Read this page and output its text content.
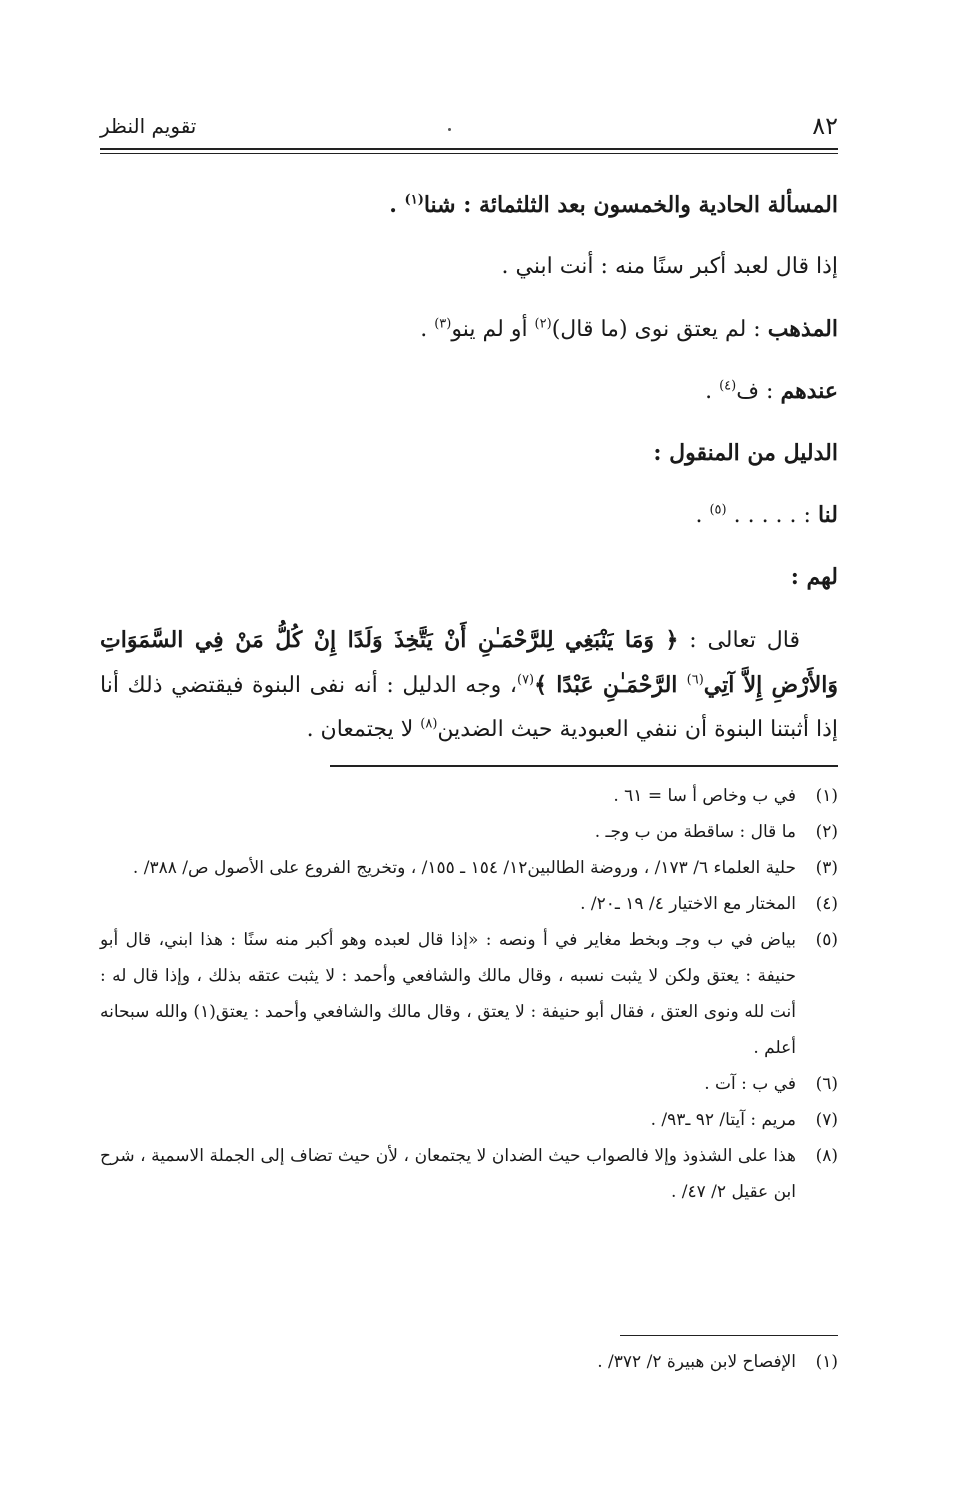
٨٢
تقويم النظر
المسألة الحادية والخمسون بعد الثلثمائة : شنا$^{(١)}$ .
إذا قال لعبد أكبر سنًا منه : أنت ابني .
المذهب : لم يعتق نوى (ما قال)$^{(٢)}$ أو لم ينو$^{(٣)}$ .
عندهم : ف$^{(٤)}$ .
الدليل من المنقول :
لنا : . . . . . $^{(٥)}$ .
لهم :
قال تعالى : ﴿ وَمَا يَنْبَغِي لِلرَّحْمَـٰنِ أَنْ يَتَّخِذَ وَلَدًا إِنْ كُلُّ مَنْ فِي السَّمَوَاتِ وَالأَرْضِ إِلاَّ آتِي$^{(٦)}$ الرَّحْمَـٰنِ عَبْدًا ﴾$^{(٧)}$، وجه الدليل : أنه نفى البنوة فيقتضي ذلك أنا إذا أثبتنا البنوة أن ننفي العبودية حيث الضدين$^{(٨)}$ لا يجتمعان .
(١)
في ب وخاص أ سا = ٦١ .
(٢)
ما قال : ساقطة من ب وجـ .
(٣)
حلية العلماء ٦/ ١٧٣/ ، وروضة الطالبين١٢/ ١٥٤ ـ ١٥٥/ ، وتخريج الفروع على الأصول ص/ ٣٨٨/ .
(٤)
المختار مع الاختيار ٤/ ١٩ ـ٢٠/ .
(٥)
بياض في ب وجـ وبخط مغاير في أ ونصه : «إذا قال لعبده وهو أكبر منه سنًا : هذا ابني، قال أبو حنيفة : يعتق ولكن لا يثبت نسبه ، وقال مالك والشافعي وأحمد : لا يثبت عتقه بذلك ، وإذا قال له : أنت لله ونوى العتق ، فقال أبو حنيفة : لا يعتق ، وقال مالك والشافعي وأحمد : يعتق(١) والله سبحانه أعلم .
(٦)
في ب : آت .
(٧)
مريم : آيتا/ ٩٢ ـ٩٣/ .
(٨)
هذا على الشذوذ وإلا فالصواب حيث الضدان لا يجتمعان ، لأن حيث تضاف إلى الجملة الاسمية ، شرح ابن عقيل ٢/ ٤٧/ .
(١)
الإفصاح لابن هبيرة ٢/ ٣٧٢/ .
